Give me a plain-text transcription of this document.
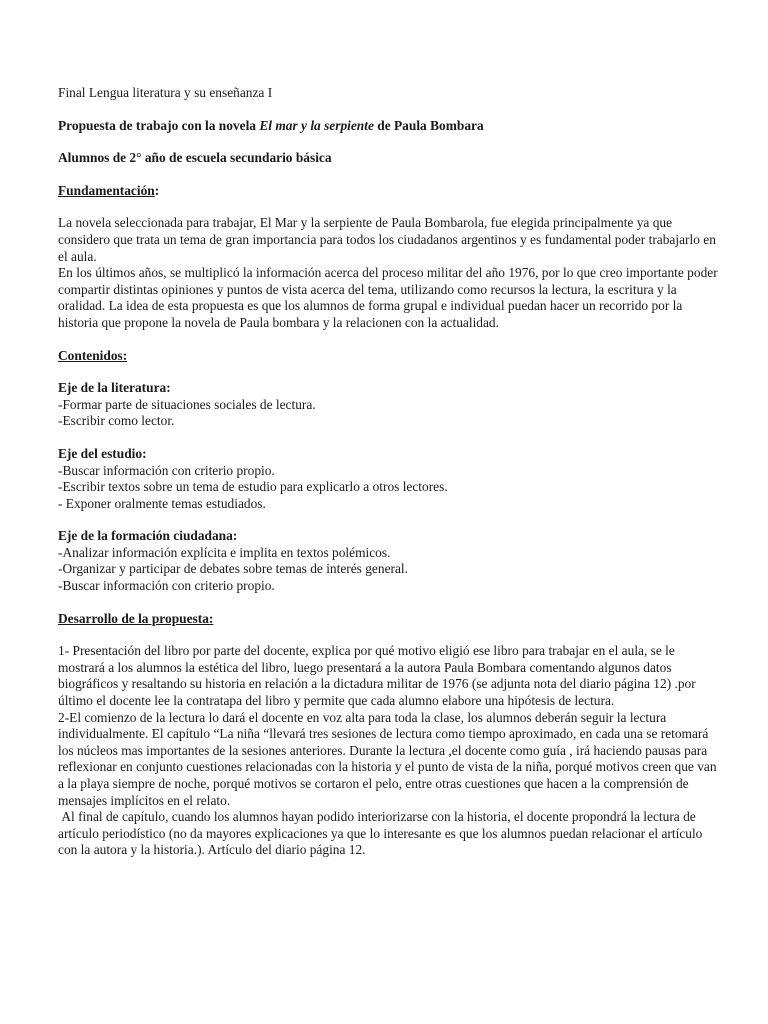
Final Lengua literatura y su enseñanza I

Propuesta de trabajo con la novela El mar y la serpiente de Paula Bombara

Alumnos de 2° año de escuela secundario básica

Fundamentación:

La novela seleccionada para trabajar, El Mar y la serpiente de Paula Bombarola, fue elegida principalmente ya que considero que trata un tema de gran importancia para todos los ciudadanos argentinos y es fundamental poder trabajarlo en el aula.

En los últimos años, se multiplicó la información acerca del proceso militar del año 1976, por lo que creo importante poder compartir distintas opiniones y puntos de vista acerca del tema, utilizando como recursos la lectura, la escritura y la oralidad. La idea de esta propuesta es que los alumnos de forma grupal e individual puedan hacer un recorrido por la historia que propone la novela de Paula bombara y la relacionen con la actualidad.

Contenidos:

Eje de la literatura:

-Formar parte de situaciones sociales de lectura.

-Escribir como lector.

Eje del estudio:

-Buscar información con criterio propio.

-Escribir textos sobre un tema de estudio para explicarlo a otros lectores.

- Exponer oralmente temas estudiados.

Eje de la formación ciudadana:

-Analizar información explícita e implita en textos polémicos.

-Organizar y participar de debates sobre temas de interés general.

-Buscar información con criterio propio.

Desarrollo de la propuesta:

1- Presentación del libro por parte del docente, explica por qué motivo eligió ese libro para trabajar en el aula, se le mostrará a los alumnos la estética del libro, luego presentará a la autora Paula Bombara comentando algunos datos biográficos y resaltando su historia en relación a la dictadura militar de 1976 (se adjunta nota del diario página 12) .por último el docente lee la contratapa del libro y permite que cada alumno elabore una hipótesis de lectura.

2-El comienzo de la lectura lo dará el docente en voz alta para toda la clase, los alumnos deberán seguir la lectura individualmente. El capítulo “La niña “llevará tres sesiones de lectura como tiempo aproximado, en cada una se retomará los núcleos mas importantes de la sesiones anteriores. Durante la lectura ,el docente como guía , irá haciendo pausas para reflexionar en conjunto cuestiones relacionadas con la historia y el punto de vista de la niña, porqué motivos creen que van a la playa siempre de noche, porqué motivos se cortaron el pelo, entre otras cuestiones que hacen a la comprensión de mensajes implícitos en el relato.

Al final de capítulo, cuando los alumnos hayan podido interiorizarse con la historia, el docente propondrá la lectura de artículo periodístico (no da mayores explicaciones ya que lo interesante es que los alumnos puedan relacionar el artículo con la autora y la historia.). Artículo del diario página 12.
